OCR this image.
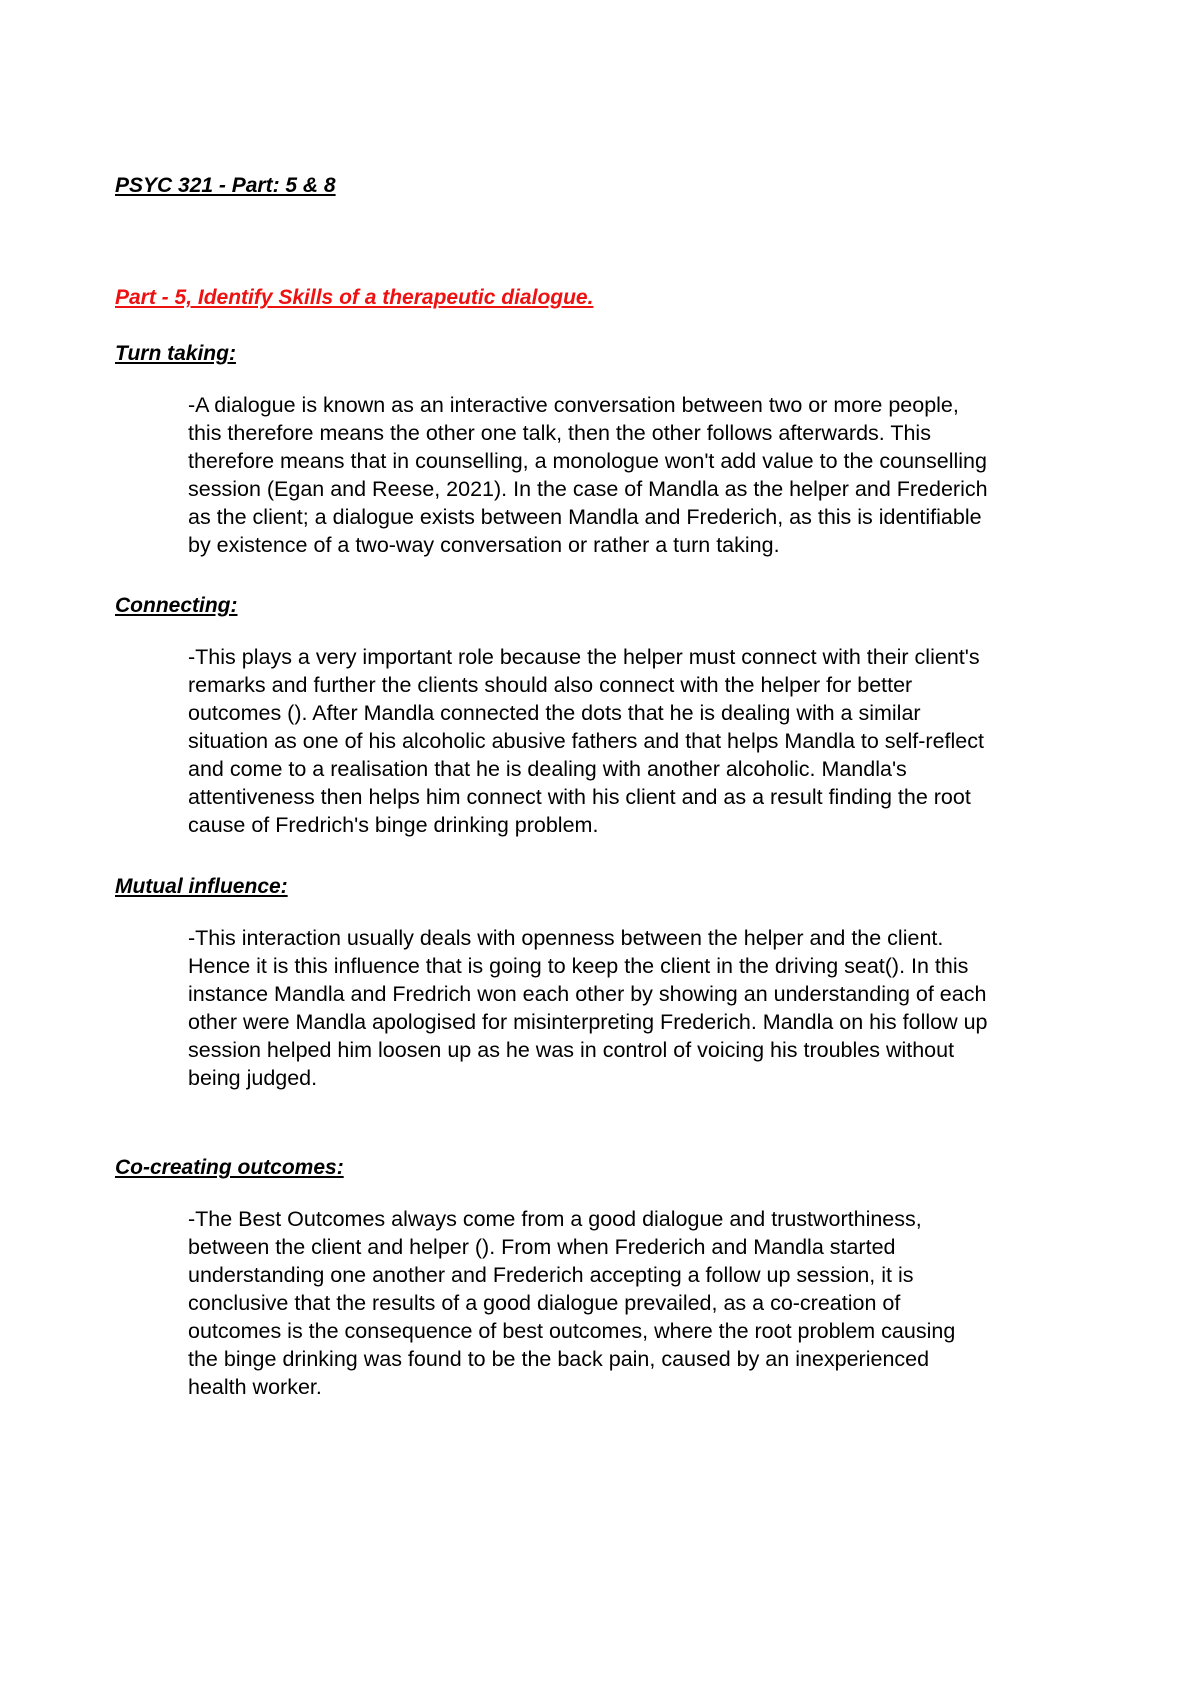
PSYC 321 - Part: 5 & 8
Part - 5, Identify Skills of a therapeutic dialogue.
Turn taking:

-A dialogue is known as an interactive conversation between two or more people,
this therefore means the other one talk, then the other follows afterwards. This
therefore means that in counselling, a monologue won't add value to the counselling
session (Egan and Reese, 2021). In the case of Mandla as the helper and Frederich
as the client; a dialogue exists between Mandla and Frederich, as this is identifiable
by existence of a two-way conversation or rather a turn taking.

Connecting:

-This plays a very important role because the helper must connect with their client's
remarks and further the clients should also connect with the helper for better
outcomes (). After Mandla connected the dots that he is dealing with a similar
situation as one of his alcoholic abusive fathers and that helps Mandla to self-reflect
and come to a realisation that he is dealing with another alcoholic. Mandla's
attentiveness then helps him connect with his client and as a result finding the root
cause of Fredrich's binge drinking problem.

Mutual influence:

-This interaction usually deals with openness between the helper and the client.
Hence it is this influence that is going to keep the client in the driving seat(). In this
instance Mandla and Fredrich won each other by showing an understanding of each
other were Mandla apologised for misinterpreting Frederich. Mandla on his follow up
session helped him loosen up as he was in control of voicing his troubles without
being judged.

Co-creating outcomes:

-The Best Outcomes always come from a good dialogue and trustworthiness,
between the client and helper (). From when Frederich and Mandla started
understanding one another and Frederich accepting a follow up session, it is
conclusive that the results of a good dialogue prevailed, as a co-creation of
outcomes is the consequence of best outcomes, where the root problem causing
the binge drinking was found to be the back pain, caused by an inexperienced
health worker.
